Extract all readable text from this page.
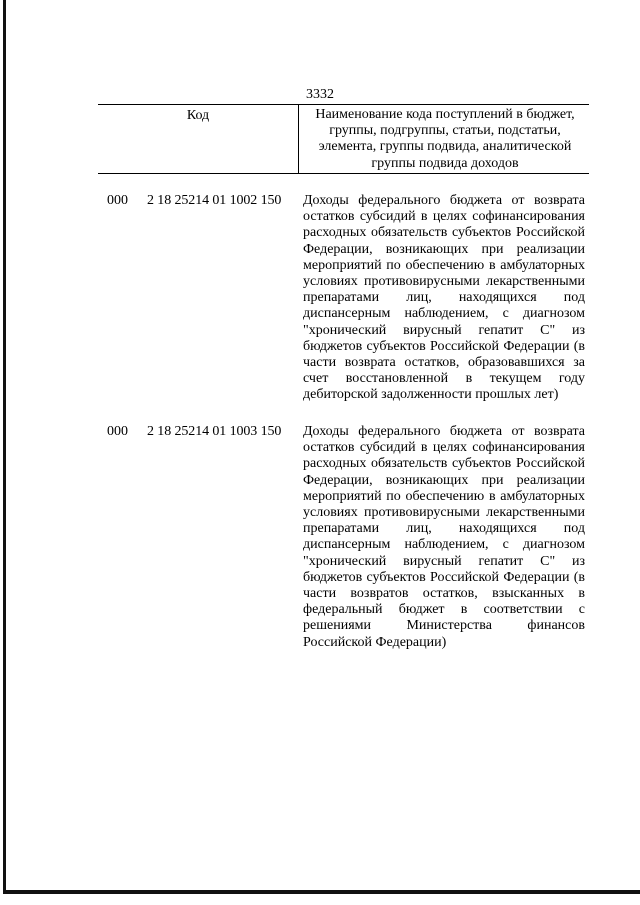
3332
Код	Наименование кода поступлений в бюджет, группы, подгруппы, статьи, подстатьи, элемента, группы подвида, аналитической группы подвида доходов
000 2 18 25214 01 1002 150 Доходы федерального бюджета от возврата остатков субсидий в целях софинансирования расходных обязательств субъектов Российской Федерации, возникающих при реализации мероприятий по обеспечению в амбулаторных условиях противовирусными лекарственными препаратами лиц, находящихся под диспансерным наблюдением, с диагнозом "хронический вирусный гепатит С" из бюджетов субъектов Российской Федерации (в части возврата остатков, образовавшихся за счет восстановленной в текущем году дебиторской задолженности прошлых лет)
000 2 18 25214 01 1003 150 Доходы федерального бюджета от возврата остатков субсидий в целях софинансирования расходных обязательств субъектов Российской Федерации, возникающих при реализации мероприятий по обеспечению в амбулаторных условиях противовирусными лекарственными препаратами лиц, находящихся под диспансерным наблюдением, с диагнозом "хронический вирусный гепатит С" из бюджетов субъектов Российской Федерации (в части возвратов остатков, взысканных в федеральный бюджет в соответствии с решениями Министерства финансов Российской Федерации)
